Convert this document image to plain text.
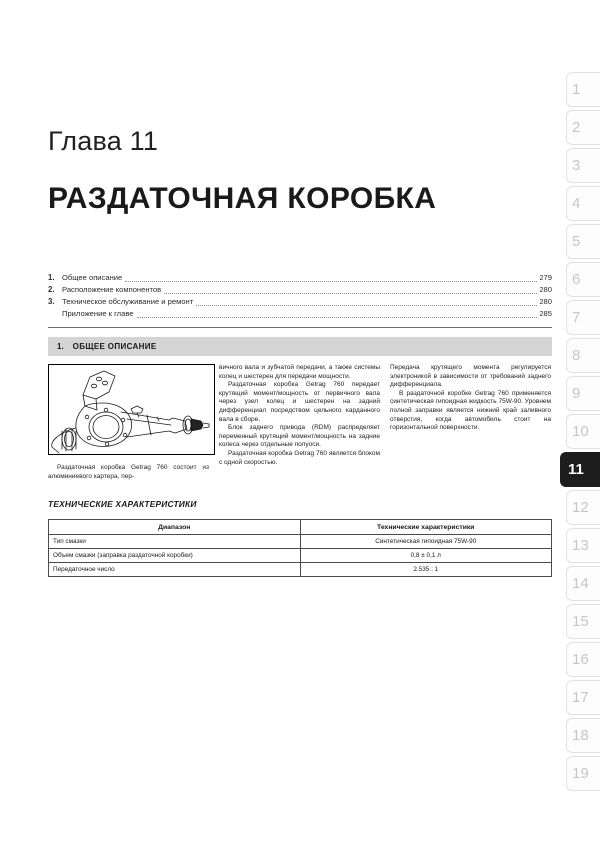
Глава 11
РАЗДАТОЧНАЯ КОРОБКА
1. Общее описание	279
2. Расположение компонентов	280
3. Техническое обслуживание и ремонт	280
Приложение к главе	285
1. ОБЩЕЕ ОПИСАНИЕ

Раздаточная коробка Getrag 760 состоит из алюминиевого картера, пер-

вичного вала и зубчатой передачи, а также системы колец и шестерен для передачи мощности.

Раздаточная коробка Getrag 760 передает крутящий момент/мощность от первичного вала через узел колец и шестерен на задний дифференциал посредством цельного карданного вала в сборе.

Блок заднего привода (RDM) распределяет переменный крутящий момент/мощность на задние колеса через отдельные полуоси.

Раздаточная коробка Getrag 760 является блоком с одной скоростью.

Передача крутящего момента регулируется электроникой в зависимости от требований заднего дифференциала.

В раздаточной коробке Getrag 760 применяется синтетическая гипоидная жидкость 75W-90. Уровнем полной заправки является нижний край заливного отверстия, когда автомобиль стоит на горизонтальной поверхности.

ТЕХНИЧЕСКИЕ ХАРАКТЕРИСТИКИ
Диапазон	Технические характеристики
Тип смазки	Синтетическая гипоидная 75W-90
Объем смазки (заправка раздаточной коробки)	0,8 ± 0,1 л
Передаточное число	2.535 : 1
1
2
3
4
5
6
7
8
9
10
11
12
13
14
15
16
17
18
19
